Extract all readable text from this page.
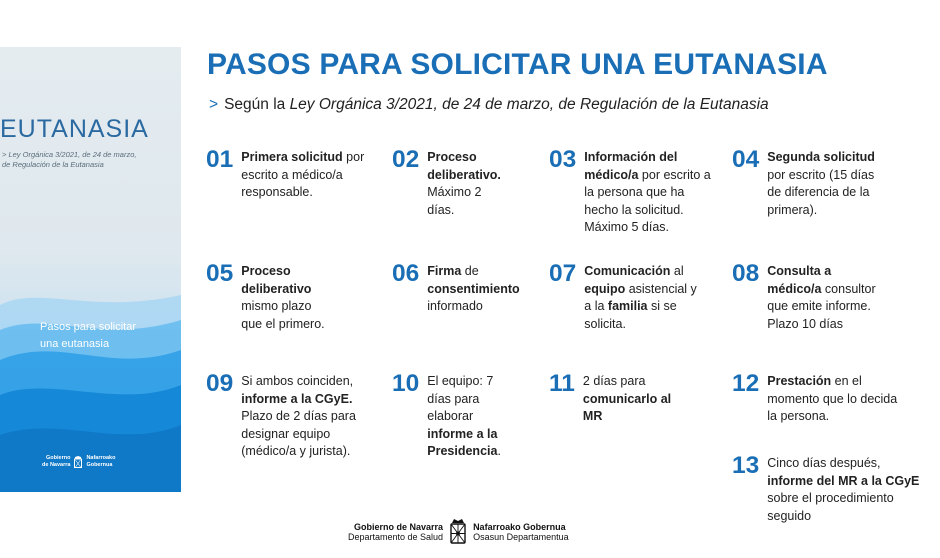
EUTANASIA
> Ley Orgánica 3/2021, de 24 de marzo,
de Regulación de la Eutanasia
Pasos para solicitar
una eutanasia
Gobierno
de Navarra
Nafarroako
Gobernua
PASOS PARA SOLICITAR UNA EUTANASIA
> Según la Ley Orgánica 3/2021, de 24 de marzo, de Regulación de la Eutanasia
01 Primera solicitud por escrito a médico/a responsable.
02 Proceso deliberativo.
Máximo 2
días.
03 Información del médico/a por escrito a la persona que ha hecho la solicitud. Máximo 5 días.
04 Segunda solicitud
por escrito (15 días de diferencia de la primera).
05 Proceso
deliberativo
mismo plazo
que el primero.
06 Firma de
consentimiento
informado
07 Comunicación al equipo asistencial y a la familia si se solicita.
08 Consulta a
médico/a consultor que emite informe. Plazo 10 días
09 Si ambos coinciden,
informe a la CGyE.
Plazo de 2 días para designar equipo (médico/a y jurista).
10 El equipo: 7
días para
elaborar
informe a la Presidencia.
11 2 días para
comunicarlo al
MR
12 Prestación en el momento que lo decida la persona.
13 Cinco días después,
informe del MR a la CGyE sobre el procedimiento seguido
Gobierno de Navarra
Departamento de Salud
Nafarroako Gobernua
Osasun Departamentua
